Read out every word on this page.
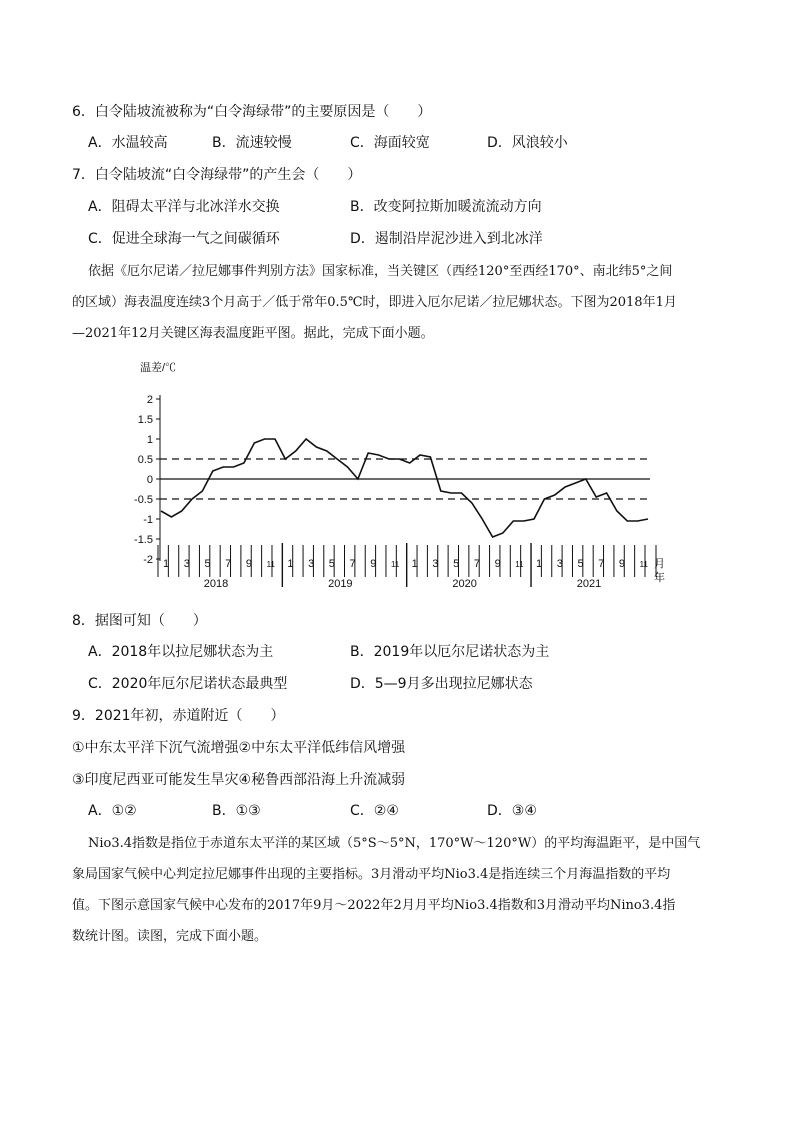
6．白令陆坡流被称为“白令海绿带”的主要原因是（　　）
A．水温较高	B．流速较慢	C．海面较宽	D．风浪较小
7．白令陆坡流“白令海绿带”的产生会（　　）
A．阻碍太平洋与北冰洋水交换	B．改变阿拉斯加暖流流动方向
C．促进全球海一气之间碳循环	D．遏制沿岸泥沙进入到北冰洋
依据《厄尔尼诺／拉尼娜事件判别方法》国家标准，当关键区（西经120°至西经170°、南北纬5°之间
的区域）海表温度连续3个月高于／低于常年0.5℃时，即进入厄尔尼诺／拉尼娜状态。下图为2018年1月
—2021年12月关键区海表温度距平图。据此，完成下面小题。
温差/℃
2
1.5
1
0.5
0
-0.5
-1
-1.5
-2 1 3 5 7 9 11 1 3 5 7 9 11 1 3 5 7 9 11 1 3 5 7 9 11
2018	2019	2020	2021
月
年
8．据图可知（　　）
A．2018年以拉尼娜状态为主	B．2019年以厄尔尼诺状态为主
C．2020年厄尔尼诺状态最典型	D．5—9月多出现拉尼娜状态
9．2021年初，赤道附近（　　）
①中东太平洋下沉气流增强②中东太平洋低纬信风增强
③印度尼西亚可能发生旱灾④秘鲁西部沿海上升流减弱
A．①②	B．①③	C．②④	D．③④
Nio3.4指数是指位于赤道东太平洋的某区域（5°S～5°N，170°W～120°W）的平均海温距平，是中国气
象局国家气候中心判定拉尼娜事件出现的主要指标。3月滑动平均Nio3.4是指连续三个月海温指数的平均
值。下图示意国家气候中心发布的2017年9月～2022年2月月平均Nio3.4指数和3月滑动平均Nino3.4指
数统计图。读图，完成下面小题。
